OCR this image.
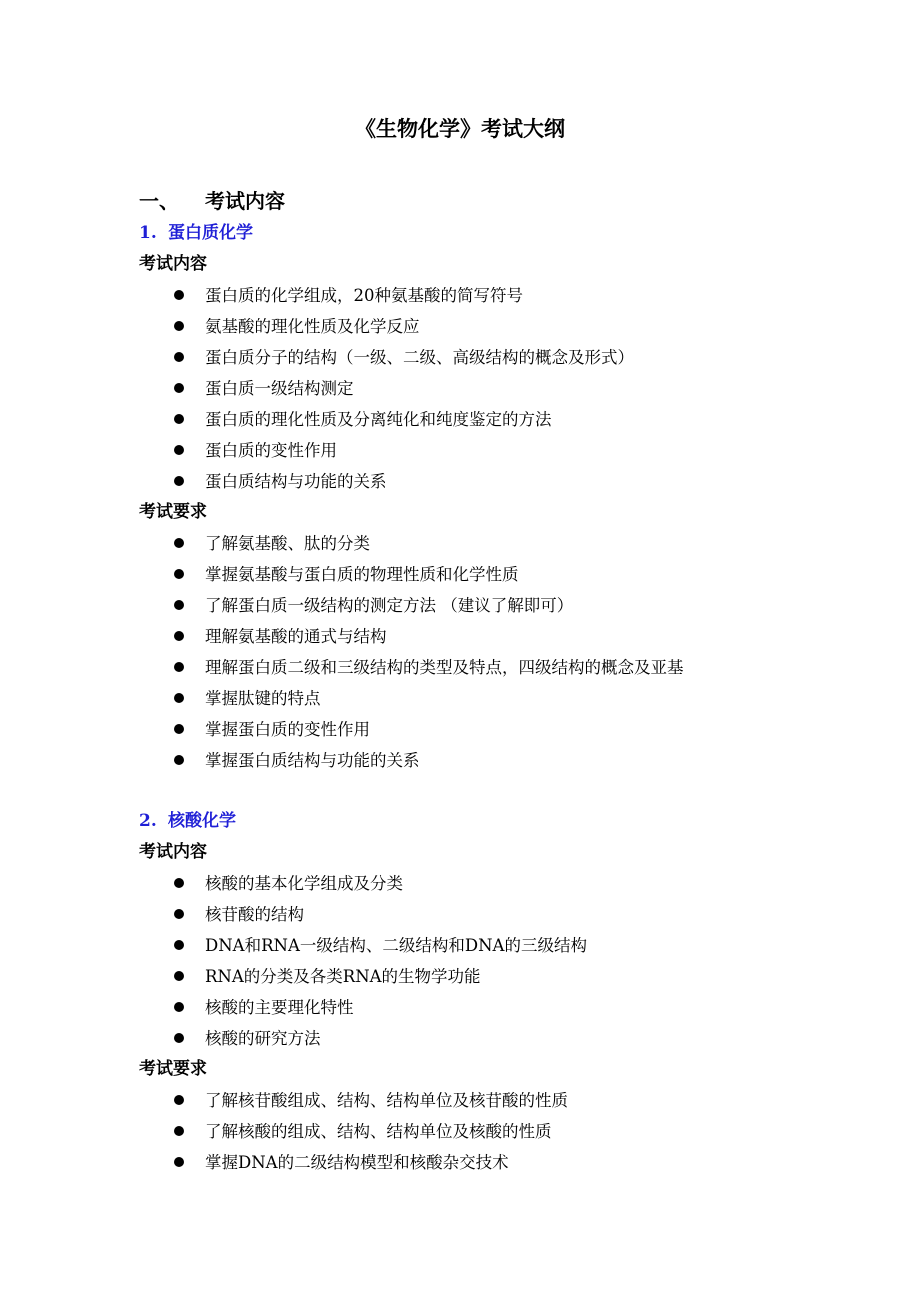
《生物化学》考试大纲
一、 考试内容
1. 蛋白质化学
考试内容
蛋白质的化学组成，20种氨基酸的简写符号
氨基酸的理化性质及化学反应
蛋白质分子的结构（一级、二级、高级结构的概念及形式）
蛋白质一级结构测定
蛋白质的理化性质及分离纯化和纯度鉴定的方法
蛋白质的变性作用
蛋白质结构与功能的关系
考试要求
了解氨基酸、肽的分类
掌握氨基酸与蛋白质的物理性质和化学性质
了解蛋白质一级结构的测定方法 （建议了解即可）
理解氨基酸的通式与结构
理解蛋白质二级和三级结构的类型及特点，四级结构的概念及亚基
掌握肽键的特点
掌握蛋白质的变性作用
掌握蛋白质结构与功能的关系
2. 核酸化学
考试内容
核酸的基本化学组成及分类
核苷酸的结构
DNA和RNA一级结构、二级结构和DNA的三级结构
RNA的分类及各类RNA的生物学功能
核酸的主要理化特性
核酸的研究方法
考试要求
了解核苷酸组成、结构、结构单位及核苷酸的性质
了解核酸的组成、结构、结构单位及核酸的性质
掌握DNA的二级结构模型和核酸杂交技术
